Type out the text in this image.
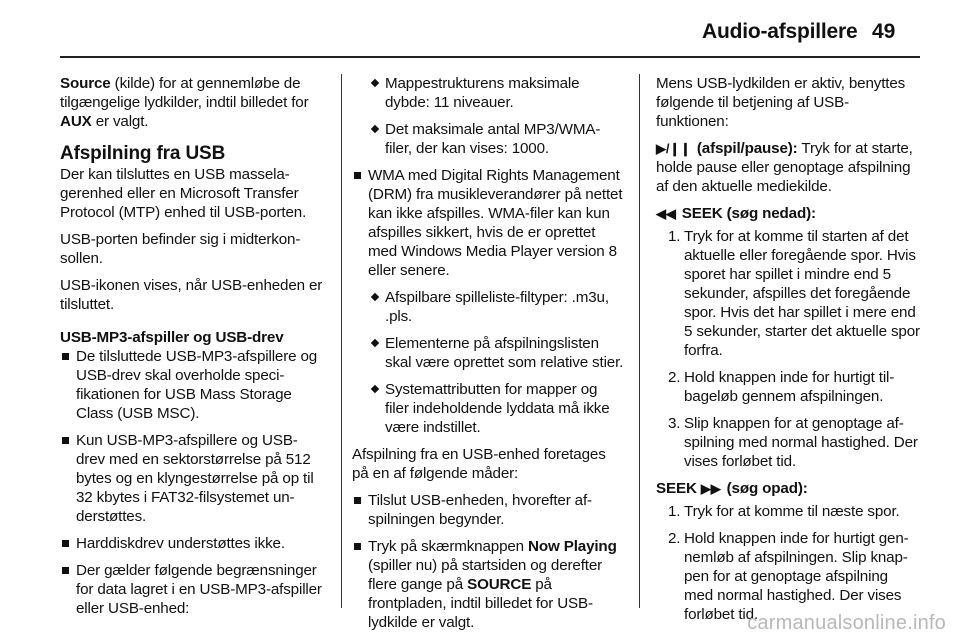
Audio-afspillere 49

Source (kilde) for at gennemløbe de tilgængelige lydkilder, indtil billedet for AUX er valgt.

Afspilning fra USB

Der kan tilsluttes en USB masselagerenhed eller en Microsoft Transfer Protocol (MTP) enhed til USB-porten.

USB-porten befinder sig i midterkonsollen.

USB-ikonen vises, når USB-enheden er tilsluttet.

USB-MP3-afspiller og USB-drev
De tilsluttede USB-MP3-afspillere og USB-drev skal overholde specifikationen for USB Mass Storage Class (USB MSC).
Kun USB-MP3-afspillere og USB-drev med en sektorstørrelse på 512 bytes og en klyngestørrelse på op til 32 kbytes i FAT32-filsystemet understøttes.
Harddiskdrev understøttes ikke.
Der gælder følgende begrænsninger for data lagret i en USB-MP3-afspiller eller USB-enhed:
Mappestrukturens maksimale dybde: 11 niveauer.
Det maksimale antal MP3/WMA-filer, der kan vises: 1000.
WMA med Digital Rights Management (DRM) fra musikleverandører på nettet kan ikke afspilles. WMA-filer kan kun afspilles sikkert, hvis de er oprettet med Windows Media Player version 8 eller senere.
Afspilbare spilleliste-filtyper: .m3u, .pls.
Elementerne på afspilningslisten skal være oprettet som relative stier.
Systemattributten for mapper og filer indeholdende lyddata må ikke være indstillet.

Afspilning fra en USB-enhed foretages på en af følgende måder:

Tilslut USB-enheden, hvorefter afspilningen begynder.
Tryk på skærmknappen Now Playing (spiller nu) på startsiden og derefter flere gange på SOURCE på frontpladen, indtil billedet for USB-lydkilde er valgt.

Mens USB-lydkilden er aktiv, benyttes følgende til betjening af USB-funktionen:

▶/❙❙ (afspil/pause): Tryk for at starte, holde pause eller genoptage afspilning af den aktuelle mediekilde.

◀◀ SEEK (søg nedad):
1. Tryk for at komme til starten af det aktuelle eller foregående spor. Hvis sporet har spillet i mindre end 5 sekunder, afspilles det foregående spor. Hvis det har spillet i mere end 5 sekunder, starter det aktuelle spor forfra.
2. Hold knappen inde for hurtigt tilbageløb gennem afspilningen.
3. Slip knappen for at genoptage afspilning med normal hastighed. Der vises forløbet tid.
SEEK ▶▶ (søg opad):
1. Tryk for at komme til næste spor.
2. Hold knappen inde for hurtigt gennemløb af afspilningen. Slip knappen for at genoptage afspilning med normal hastighed. Der vises forløbet tid.
carmanualsonline.info
